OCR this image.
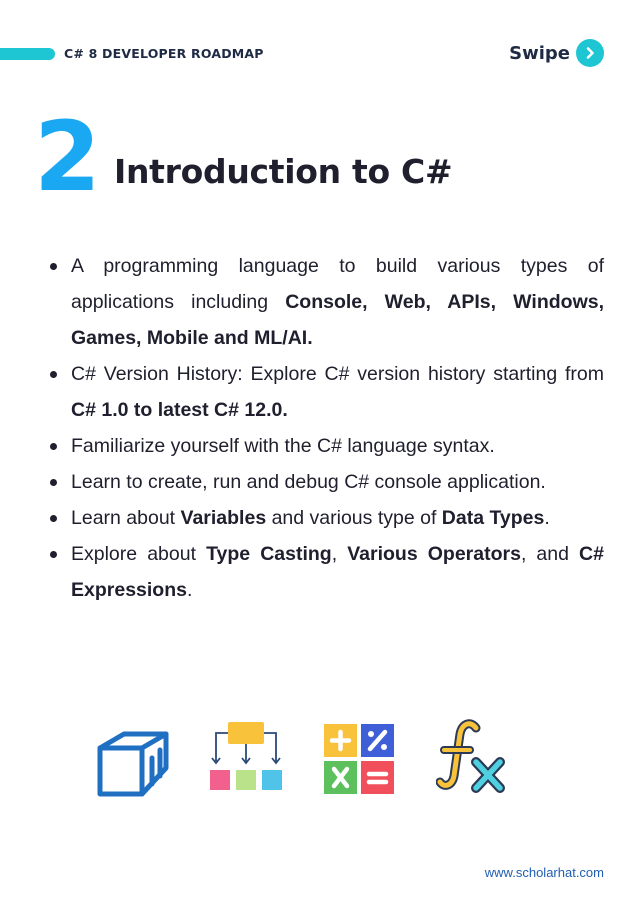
C# 8 DEVELOPER ROADMAP	Swipe
2 Introduction to C#
A programming language to build various types of applications including Console, Web, APIs, Windows, Games, Mobile and ML/AI.
C# Version History: Explore C# version history starting from C# 1.0 to latest C# 12.0.
Familiarize yourself with the C# language syntax.
Learn to create, run and debug C# console application.
Learn about Variables and various type of Data Types.
Explore about Type Casting, Various Operators, and C# Expressions.
www.scholarhat.com
